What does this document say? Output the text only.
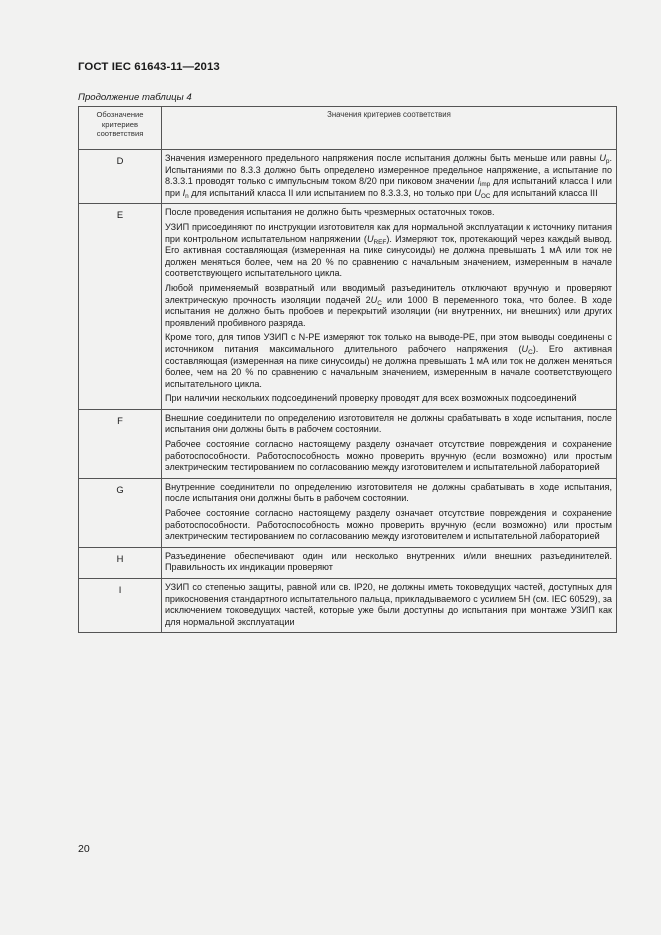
ГОСТ IEC 61643-11—2013
Продолжение таблицы 4
Обозначение критериев соответствия	Значения критериев соответствия
D	Значения измеренного предельного напряжения после испытания должны быть меньше или равны $U_p$. Испытаниями по 8.3.3 должно быть определено измеренное предельное напряжение, а испытание по 8.3.3.1 проводят только с импульсным током 8/20 при пиковом значении $I_{imp}$ для испытаний класса I или при $I_n$ для испытаний класса II или испытанием по 8.3.3.3, но только при $U_{OC}$ для испытаний класса III

E	После проведения испытания не должно быть чрезмерных остаточных токов.

УЗИП присоединяют по инструкции изготовителя как для нормальной эксплуатации к источнику питания при контрольном испытательном напряжении $(U_{REF})$. Измеряют ток, протекающий через каждый вывод. Его активная составляющая (измеренная на пике синусоиды) не должна превышать 1 мА или ток не должен меняться более, чем на 20 % по сравнению с начальным значением, измеренным в начале соответствующего испытательного цикла.

Любой применяемый возвратный или вводимый разъединитель отключают вручную и проверяют электрическую прочность изоляции подачей $2U_C$ или 1000 В переменного тока, что более. В ходе испытания не должно быть пробоев и перекрытий изоляции (ни внутренних, ни внешних) или других проявлений пробивного разряда.

Кроме того, для типов УЗИП с N-PE измеряют ток только на выводе-PE, при этом выводы соединены с источником питания максимального длительного рабочего напряжения $(U_C)$. Его активная составляющая (измеренная на пике синусоиды) не должна превышать 1 мА или ток не должен меняться более, чем на 20 % по сравнению с начальным значением, измеренным в начале соответствующего испытательного цикла.

При наличии нескольких подсоединений проверку проводят для всех возможных подсоединений

F	Внешние соединители по определению изготовителя не должны срабатывать в ходе испытания, после испытания они должны быть в рабочем состоянии.

Рабочее состояние согласно настоящему разделу означает отсутствие повреждения и сохранение работоспособности. Работоспособность можно проверить вручную (если возможно) или простым электрическим тестированием по согласованию между изготовителем и испытательной лабораторией

G	Внутренние соединители по определению изготовителя не должны срабатывать в ходе испытания, после испытания они должны быть в рабочем состоянии.

Рабочее состояние согласно настоящему разделу означает отсутствие повреждения и сохранение работоспособности. Работоспособность можно проверить вручную (если возможно) или простым электрическим тестированием по согласованию между изготовителем и испытательной лабораторией

H	Разъединение обеспечивают один или несколько внутренних и/или внешних разъединителей. Правильность их индикации проверяют

I	УЗИП со степенью защиты, равной или св. IP20, не должны иметь токоведущих частей, доступных для прикосновения стандартного испытательного пальца, прикладываемого с усилием 5Н (см. IEC 60529), за исключением токоведущих частей, которые уже были доступны до испытания при монтаже УЗИП как для нормальной эксплуатации

20
